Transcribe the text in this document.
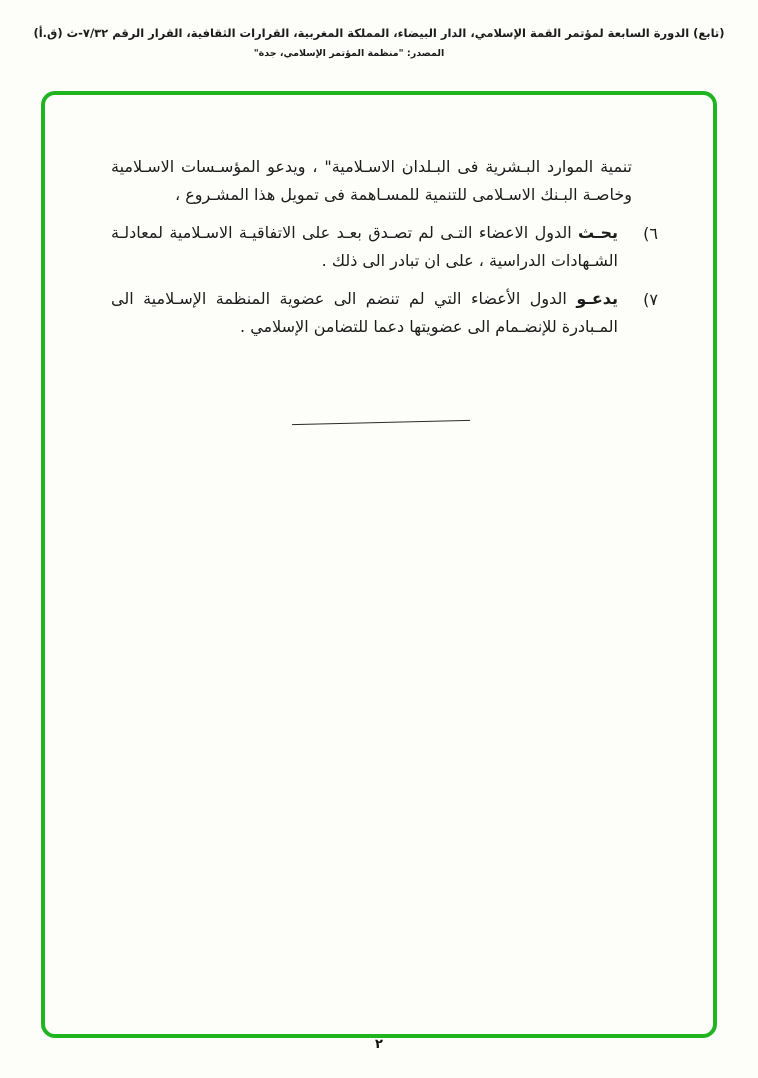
(تابع) الدورة السابعة لمؤتمر القمة الإسلامي، الدار البيضاء، المملكة المغربية، القرارات الثقافية، القرار الرقم ٧/٣٢-ث (ق.أ)
المصدر: "منظمة المؤتمر الإسلامي، جدة"

تنمية الموارد البـشرية فى البـلدان الاسـلامية" ، ويدعو المؤسـسات الاسـلامية وخاصـة البـنك الاسـلامى للتنمية للمسـاهمة فى تمويل هذا المشـروع ،

٦)

يحـث الدول الاعضاء التـى لم تصـدق بعـد على الاتفاقيـة الاسـلامية لمعادلـة الشـهادات الدراسية ، على ان تبادر الى ذلك .

٧)

يدعـو الدول الأعضاء التي لم تنضم الى عضوية المنظمة الإسـلامية الى المـبادرة للإنضـمام الى عضويتها دعما للتضامن الإسلامي .

٢
